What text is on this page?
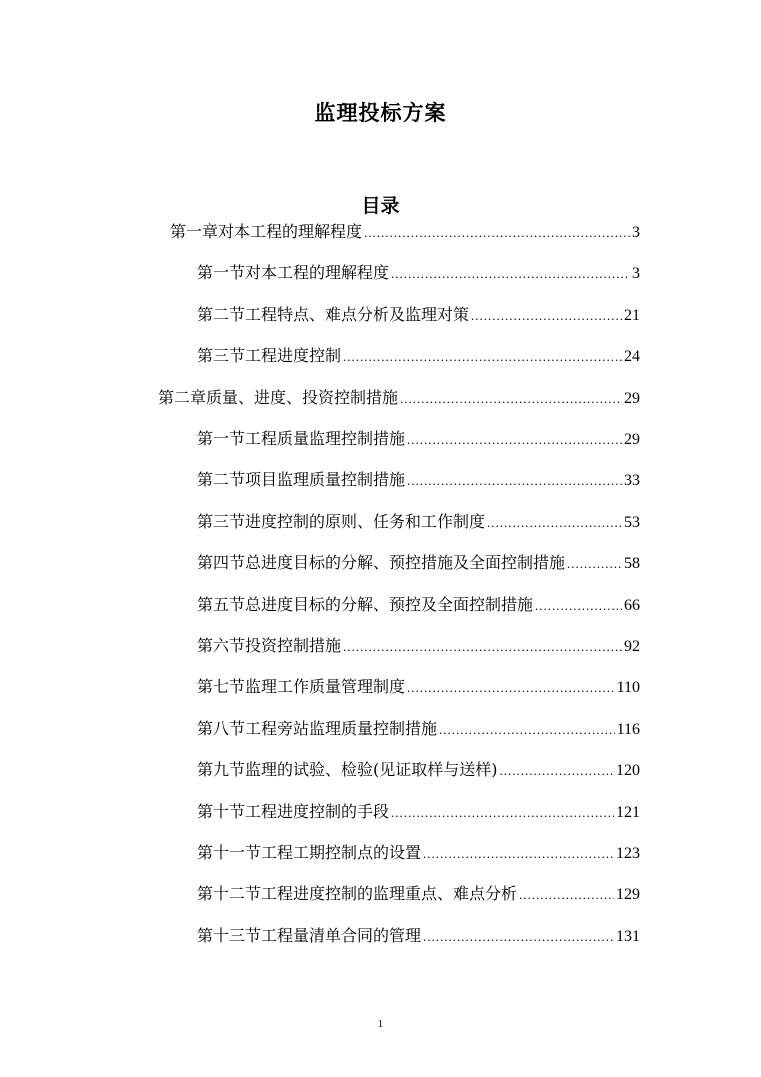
监理投标方案
目录
第一章对本工程的理解程度 .....	3
第一节对本工程的理解程度 .....	3
第二节工程特点、难点分析及监理对策 .....	21
第三节工程进度控制 .....	24
第二章质量、进度、投资控制措施 .....	29
第一节工程质量监理控制措施 .....	29
第二节项目监理质量控制措施 .....	33
第三节进度控制的原则、任务和工作制度 .....	53
第四节总进度目标的分解、预控措施及全面控制措施 .....	58
第五节总进度目标的分解、预控及全面控制措施 .....	66
第六节投资控制措施 .....	92
第七节监理工作质量管理制度 .....	110
第八节工程旁站监理质量控制措施 .....	116
第九节监理的试验、检验(见证取样与送样) .....	120
第十节工程进度控制的手段 .....	121
第十一节工程工期控制点的设置 .....	123
第十二节工程进度控制的监理重点、难点分析 .....	129
第十三节工程量清单合同的管理 .....	131
1
